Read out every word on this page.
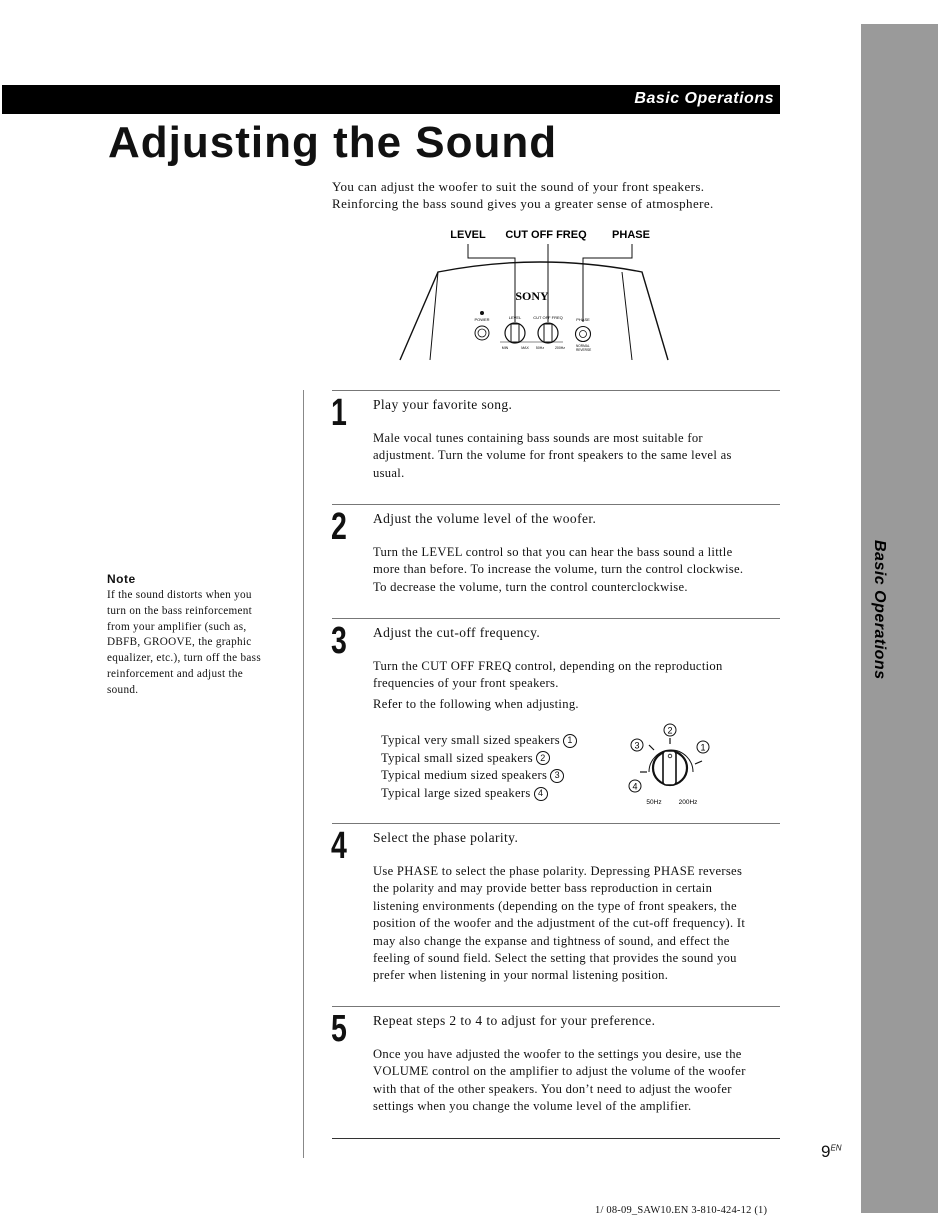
Basic Operations
Basic Operations
Adjusting the Sound
You can adjust the woofer to suit the sound of your front speakers.
Reinforcing the bass sound gives you a greater sense of atmosphere.
LEVEL CUT OFF FREQ PHASE
SONY
POWER	LEVEL	CUT OFF FREQ
MIN	MAX 50Hz	200Hz
PHASE
NORMAL
REVERSE
Note
If the sound distorts when you
turn on the bass reinforcement
from your amplifier (such as,
DBFB, GROOVE, the graphic
equalizer, etc.), turn off the bass
reinforcement and adjust the
sound.
1 Play your favorite song.
Male vocal tunes containing bass sounds are most suitable for
adjustment. Turn the volume for front speakers to the same level as
usual.
2 Adjust the volume level of the woofer.
Turn the LEVEL control so that you can hear the bass sound a little
more than before. To increase the volume, turn the control clockwise.
To decrease the volume, turn the control counterclockwise.
3 Adjust the cut-off frequency.
Turn the CUT OFF FREQ control, depending on the reproduction
frequencies of your front speakers.
Refer to the following when adjusting.
Typical very small sized speakers 1
Typical small sized speakers 2
Typical medium sized speakers 3
Typical large sized speakers 4
2
1
3
4
50Hz	200Hz
4 Select the phase polarity.
Use PHASE to select the phase polarity. Depressing PHASE reverses
the polarity and may provide better bass reproduction in certain
listening environments (depending on the type of front speakers, the
position of the woofer and the adjustment of the cut-off frequency). It
may also change the expanse and tightness of sound, and effect the
feeling of sound field. Select the setting that provides the sound you
prefer when listening in your normal listening position.
5 Repeat steps 2 to 4 to adjust for your preference.
Once you have adjusted the woofer to the settings you desire, use the
VOLUME control on the amplifier to adjust the volume of the woofer
with that of the other speakers. You don’t need to adjust the woofer
settings when you change the volume level of the amplifier.
$9^{EN}$
1/ 08-09_SAW10.EN 3-810-424-12 (1)
